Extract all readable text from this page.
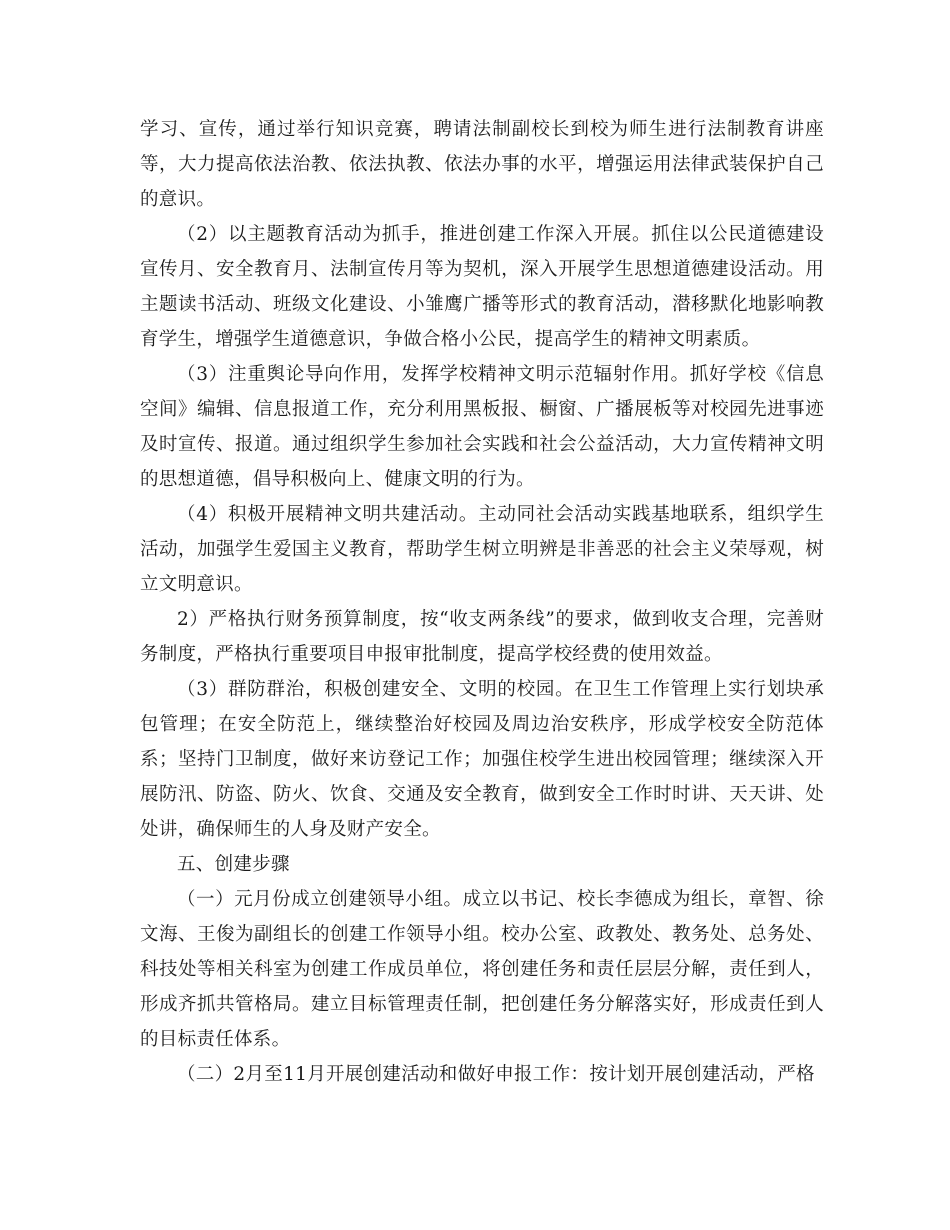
学习、宣传，通过举行知识竞赛，聘请法制副校长到校为师生进行法制教育讲座等，大力提高依法治教、依法执教、依法办事的水平，增强运用法律武装保护自己的意识。

（2）以主题教育活动为抓手，推进创建工作深入开展。抓住以公民道德建设宣传月、安全教育月、法制宣传月等为契机，深入开展学生思想道德建设活动。用主题读书活动、班级文化建设、小雏鹰广播等形式的教育活动，潜移默化地影响教育学生，增强学生道德意识，争做合格小公民，提高学生的精神文明素质。

（3）注重舆论导向作用，发挥学校精神文明示范辐射作用。抓好学校《信息空间》编辑、信息报道工作，充分利用黑板报、橱窗、广播展板等对校园先进事迹及时宣传、报道。通过组织学生参加社会实践和社会公益活动，大力宣传精神文明的思想道德，倡导积极向上、健康文明的行为。

（4）积极开展精神文明共建活动。主动同社会活动实践基地联系，组织学生活动，加强学生爱国主义教育，帮助学生树立明辨是非善恶的社会主义荣辱观，树立文明意识。

2）严格执行财务预算制度，按“收支两条线”的要求，做到收支合理，完善财务制度，严格执行重要项目申报审批制度，提高学校经费的使用效益。

（3）群防群治，积极创建安全、文明的校园。在卫生工作管理上实行划块承包管理；在安全防范上，继续整治好校园及周边治安秩序，形成学校安全防范体系；坚持门卫制度，做好来访登记工作；加强住校学生进出校园管理；继续深入开展防汛、防盗、防火、饮食、交通及安全教育，做到安全工作时时讲、天天讲、处处讲，确保师生的人身及财产安全。

五、创建步骤

（一）元月份成立创建领导小组。成立以书记、校长李德成为组长，章智、徐文海、王俊为副组长的创建工作领导小组。校办公室、政教处、教务处、总务处、科技处等相关科室为创建工作成员单位，将创建任务和责任层层分解，责任到人，形成齐抓共管格局。建立目标管理责任制，把创建任务分解落实好，形成责任到人的目标责任体系。

（二）2月至11月开展创建活动和做好申报工作：按计划开展创建活动，严格
